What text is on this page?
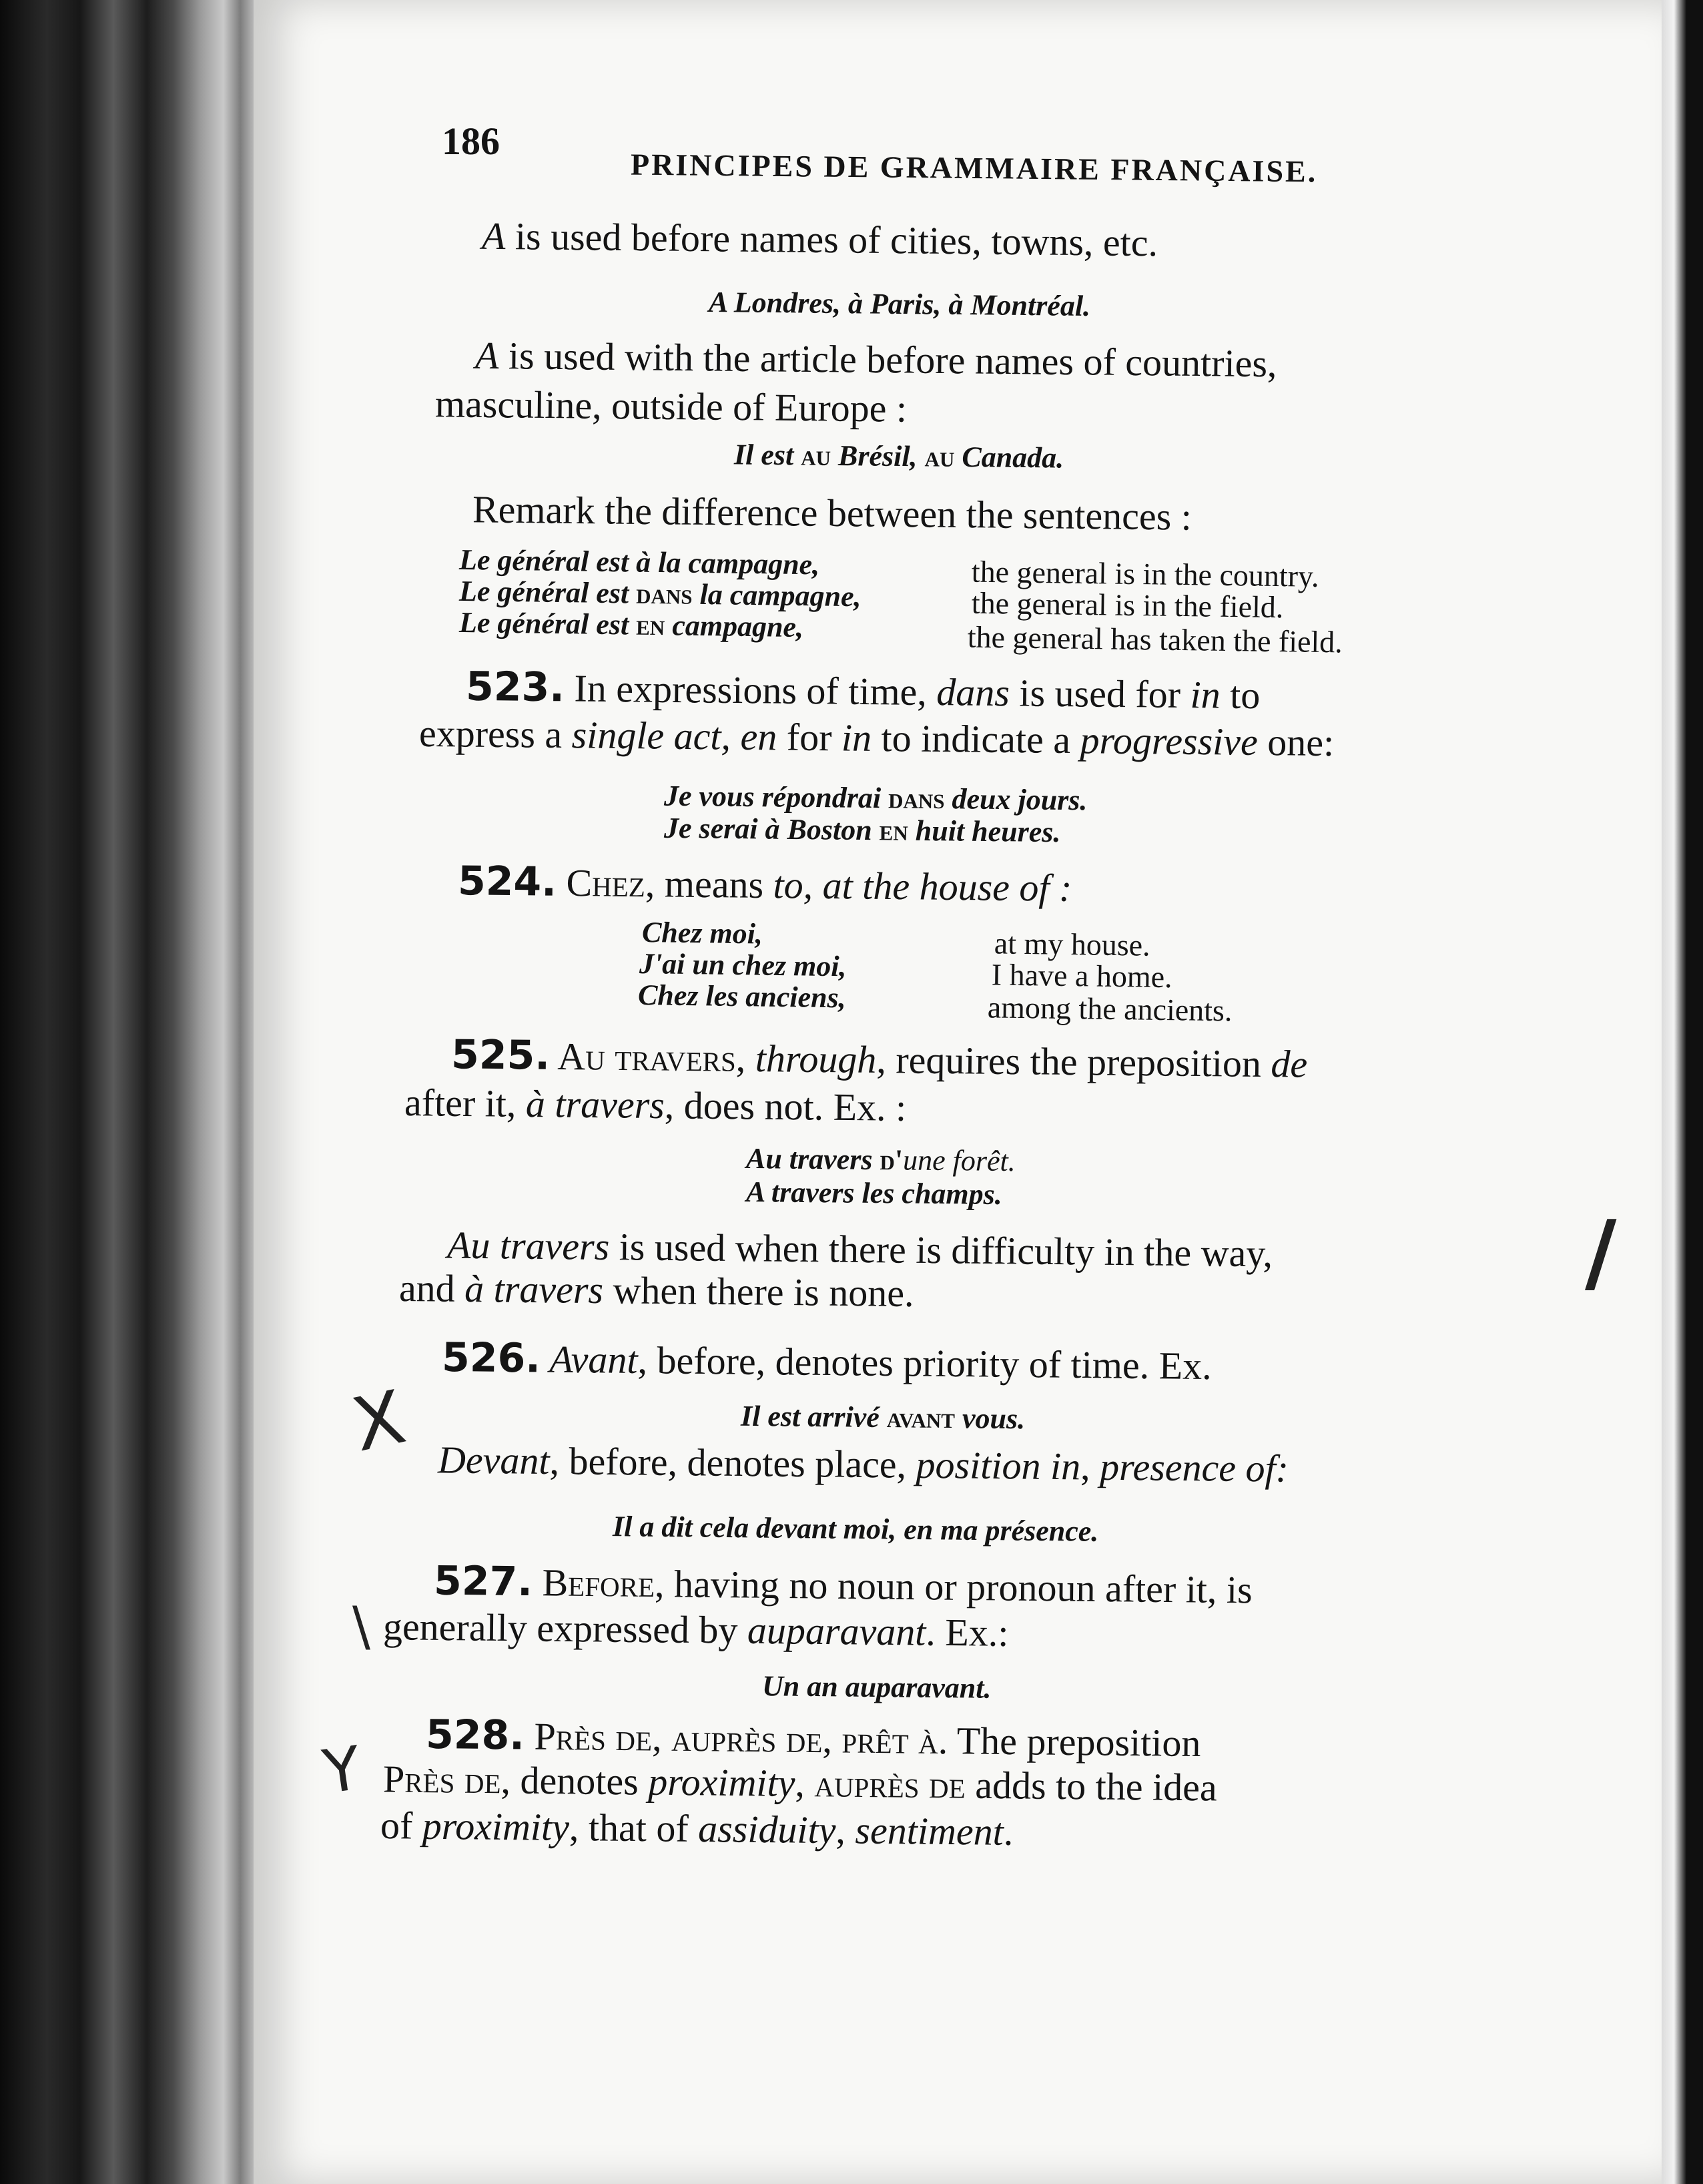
186
PRINCIPES DE GRAMMAIRE FRANÇAISE.
A is used before names of cities, towns, etc.
A Londres, à Paris, à Montréal.
A is used with the article before names of countries,
masculine, outside of Europe :
Il est au Brésil, au Canada.
Remark the difference between the sentences :
Le général est à la campagne,	the general is in the country.
Le général est dans la campagne,	the general is in the field.
Le général est en campagne,	the general has taken the field.
523. In expressions of time, dans is used for in to
express a single act, en for in to indicate a progressive one:
Je vous répondrai dans deux jours.
Je serai à Boston en huit heures.
524. Chez, means to, at the house of :
Chez moi,	at my house.
J'ai un chez moi,	I have a home.
Chez les anciens,	among the ancients.
525. Au travers, through, requires the preposition de
after it, à travers, does not. Ex. :
Au travers d'une forêt.
A travers les champs.
Au travers is used when there is difficulty in the way,
and à travers when there is none.
526. Avant, before, denotes priority of time. Ex.
Il est arrivé avant vous.
Devant, before, denotes place, position in, presence of:
Il a dit cela devant moi, en ma présence.
527. Before, having no noun or pronoun after it, is
generally expressed by auparavant. Ex.:
Un an auparavant.
528. Près de, auprès de, prêt à. The preposition
Près de, denotes proximity, auprès de adds to the idea
of proximity, that of assiduity, sentiment.
X
\
Y
/
